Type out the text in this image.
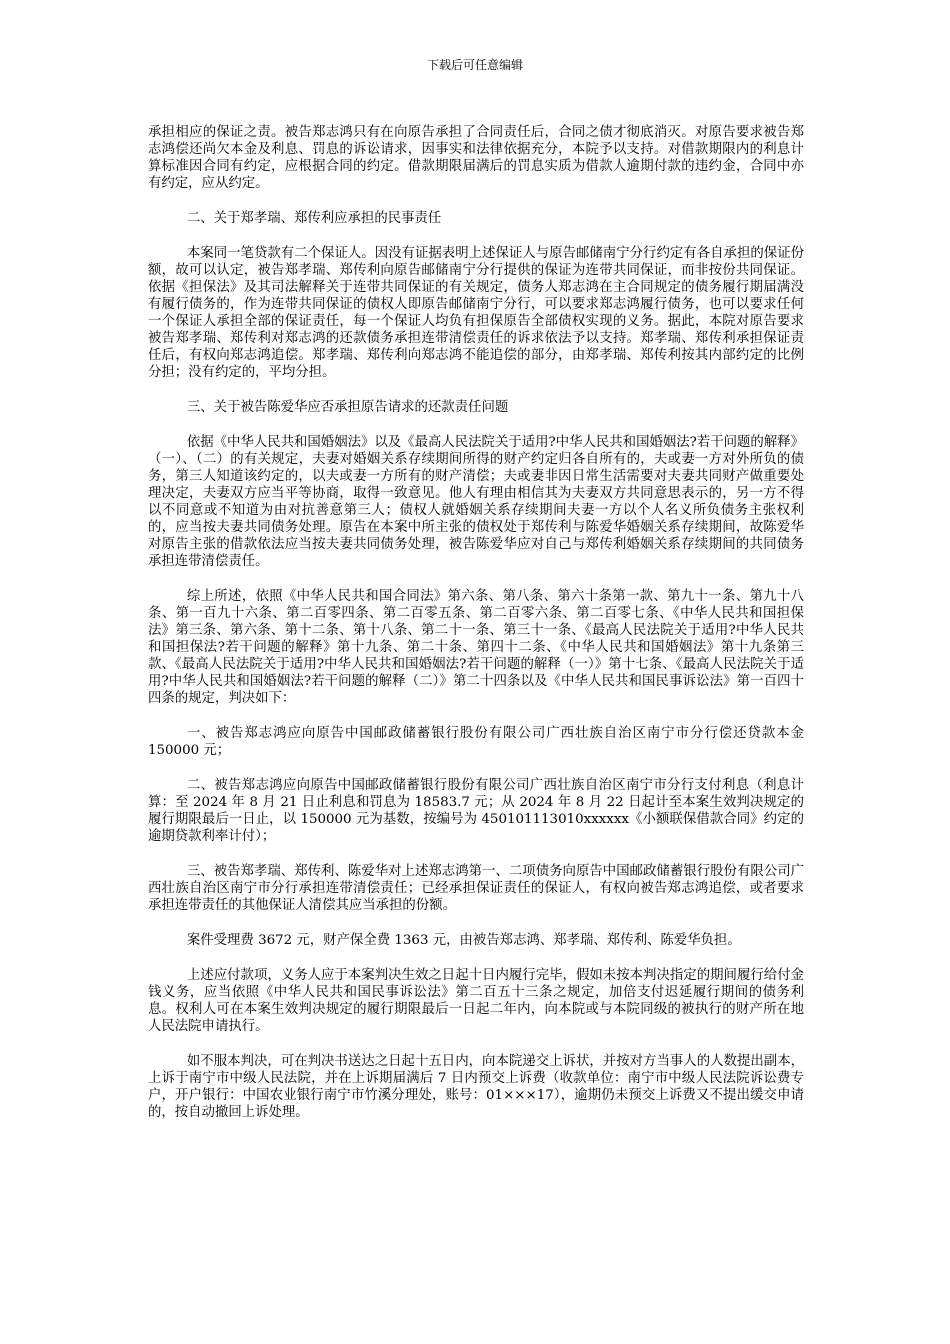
下载后可任意编辑

承担相应的保证之责。被告郑志鸿只有在向原告承担了合同责任后，合同之债才彻底消灭。对原告要求被告郑志鸿偿还尚欠本金及利息、罚息的诉讼请求，因事实和法律依据充分，本院予以支持。对借款期限内的利息计算标准因合同有约定，应根据合同的约定。借款期限届满后的罚息实质为借款人逾期付款的违约金，合同中亦有约定，应从约定。

二、关于郑孝瑞、郑传利应承担的民事责任

本案同一笔贷款有二个保证人。因没有证据表明上述保证人与原告邮储南宁分行约定有各自承担的保证份额，故可以认定，被告郑孝瑞、郑传利向原告邮储南宁分行提供的保证为连带共同保证，而非按份共同保证。依据《担保法》及其司法解释关于连带共同保证的有关规定，债务人郑志鸿在主合同规定的债务履行期届满没有履行债务的，作为连带共同保证的债权人即原告邮储南宁分行，可以要求郑志鸿履行债务，也可以要求任何一个保证人承担全部的保证责任，每一个保证人均负有担保原告全部债权实现的义务。据此，本院对原告要求被告郑孝瑞、郑传利对郑志鸿的还款债务承担连带清偿责任的诉求依法予以支持。郑孝瑞、郑传利承担保证责任后，有权向郑志鸿追偿。郑孝瑞、郑传利向郑志鸿不能追偿的部分，由郑孝瑞、郑传利按其内部约定的比例分担；没有约定的，平均分担。

三、关于被告陈爱华应否承担原告请求的还款责任问题

依据《中华人民共和国婚姻法》以及《最高人民法院关于适用?中华人民共和国婚姻法?若干问题的解释》（一）、（二）的有关规定，夫妻对婚姻关系存续期间所得的财产约定归各自所有的，夫或妻一方对外所负的债务，第三人知道该约定的，以夫或妻一方所有的财产清偿；夫或妻非因日常生活需要对夫妻共同财产做重要处理决定，夫妻双方应当平等协商，取得一致意见。他人有理由相信其为夫妻双方共同意思表示的，另一方不得以不同意或不知道为由对抗善意第三人；债权人就婚姻关系存续期间夫妻一方以个人名义所负债务主张权利的，应当按夫妻共同债务处理。原告在本案中所主张的债权处于郑传利与陈爱华婚姻关系存续期间，故陈爱华对原告主张的借款依法应当按夫妻共同债务处理，被告陈爱华应对自己与郑传利婚姻关系存续期间的共同债务承担连带清偿责任。

综上所述，依照《中华人民共和国合同法》第六条、第八条、第六十条第一款、第九十一条、第九十八条、第一百九十六条、第二百零四条、第二百零五条、第二百零六条、第二百零七条、《中华人民共和国担保法》第三条、第六条、第十二条、第十八条、第二十一条、第三十一条、《最高人民法院关于适用?中华人民共和国担保法?若干问题的解释》第十九条、第二十条、第四十二条、《中华人民共和国婚姻法》第十九条第三款、《最高人民法院关于适用?中华人民共和国婚姻法?若干问题的解释（一）》第十七条、《最高人民法院关于适用?中华人民共和国婚姻法?若干问题的解释（二）》第二十四条以及《中华人民共和国民事诉讼法》第一百四十四条的规定，判决如下：

一、被告郑志鸿应向原告中国邮政储蓄银行股份有限公司广西壮族自治区南宁市分行偿还贷款本金 150000 元；

二、被告郑志鸿应向原告中国邮政储蓄银行股份有限公司广西壮族自治区南宁市分行支付利息（利息计算：至 2024 年 8 月 21 日止利息和罚息为 18583.7 元；从 2024 年 8 月 22 日起计至本案生效判决规定的履行期限最后一日止，以 150000 元为基数，按编号为 450101113010xxxxxx《小额联保借款合同》约定的逾期贷款利率计付）；

三、被告郑孝瑞、郑传利、陈爱华对上述郑志鸿第一、二项债务向原告中国邮政储蓄银行股份有限公司广西壮族自治区南宁市分行承担连带清偿责任；已经承担保证责任的保证人，有权向被告郑志鸿追偿，或者要求承担连带责任的其他保证人清偿其应当承担的份额。

案件受理费 3672 元，财产保全费 1363 元，由被告郑志鸿、郑孝瑞、郑传利、陈爱华负担。

上述应付款项，义务人应于本案判决生效之日起十日内履行完毕，假如未按本判决指定的期间履行给付金钱义务，应当依照《中华人民共和国民事诉讼法》第二百五十三条之规定，加倍支付迟延履行期间的债务利息。权利人可在本案生效判决规定的履行期限最后一日起二年内，向本院或与本院同级的被执行的财产所在地人民法院申请执行。

如不服本判决，可在判决书送达之日起十五日内，向本院递交上诉状，并按对方当事人的人数提出副本，上诉于南宁市中级人民法院，并在上诉期届满后 7 日内预交上诉费（收款单位：南宁市中级人民法院诉讼费专户，开户银行：中国农业银行南宁市竹溪分理处，账号：01×××17），逾期仍未预交上诉费又不提出缓交申请的，按自动撤回上诉处理。
